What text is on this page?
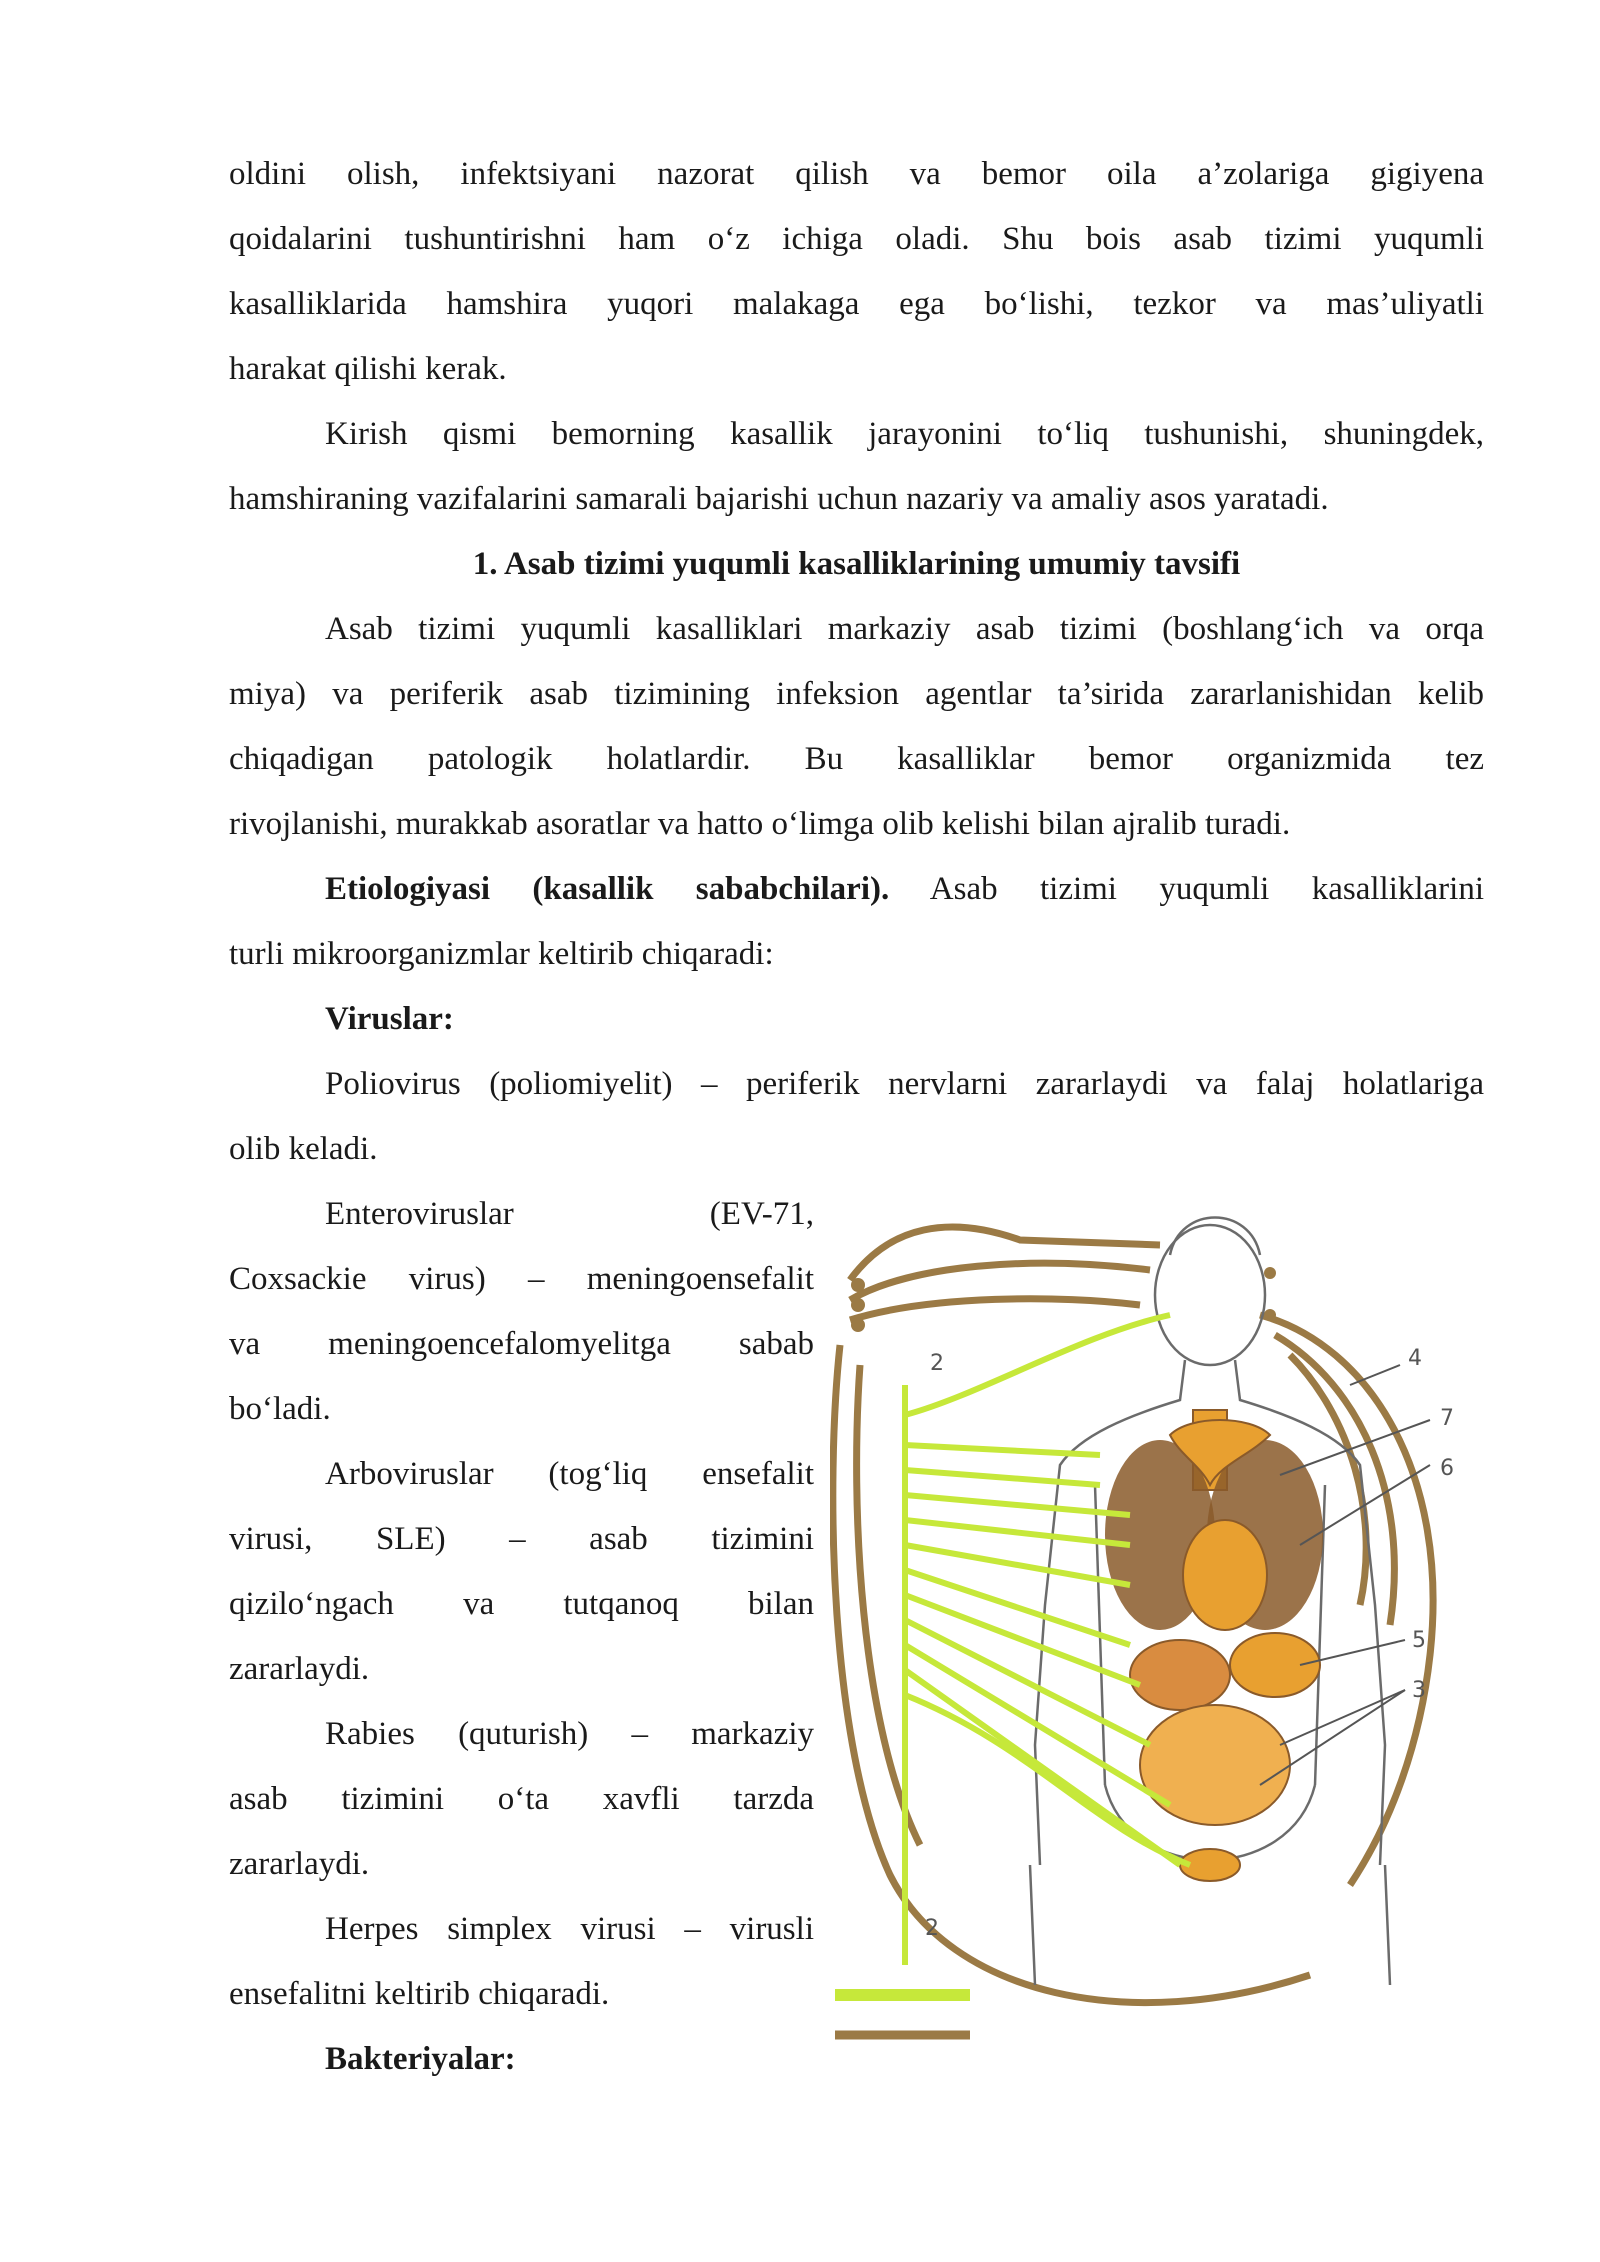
oldini olish, infektsiyani nazorat qilish va bemor oila a’zolariga gigiyena

qoidalarini tushuntirishni ham o‘z ichiga oladi. Shu bois asab tizimi yuqumli

kasalliklarida hamshira yuqori malakaga ega bo‘lishi, tezkor va mas’uliyatli

harakat qilishi kerak.

Kirish qismi bemorning kasallik jarayonini to‘liq tushunishi, shuningdek,

hamshiraning vazifalarini samarali bajarishi uchun nazariy va amaliy asos yaratadi.

1. Asab tizimi yuqumli kasalliklarining umumiy tavsifi

Asab tizimi yuqumli kasalliklari markaziy asab tizimi (boshlang‘ich va orqa

miya) va periferik asab tizimining infeksion agentlar ta’sirida zararlanishidan kelib

chiqadigan patologik holatlardir. Bu kasalliklar bemor organizmida tez

rivojlanishi, murakkab asoratlar va hatto o‘limga olib kelishi bilan ajralib turadi.

Etiologiyasi (kasallik sababchilari). Asab tizimi yuqumli kasalliklarini

turli mikroorganizmlar keltirib chiqaradi:

Viruslar:

Poliovirus (poliomiyelit) – periferik nervlarni zararlaydi va falaj holatlariga

olib keladi.

Enteroviruslar (EV-71,

Coxsackie virus) – meningoensefalit

va meningoencefalomyelitga sabab

bo‘ladi.

Arboviruslar (tog‘liq ensefalit

virusi, SLE) – asab tizimini

qizilo‘ngach va tutqanoq bilan

zararlaydi.

Rabies (quturish) – markaziy

asab tizimini o‘ta xavfli tarzda

zararlaydi.

Herpes simplex virusi – virusli

ensefalitni keltirib chiqaradi.

Bakteriyalar:

2
2
4
7
6
5
3
